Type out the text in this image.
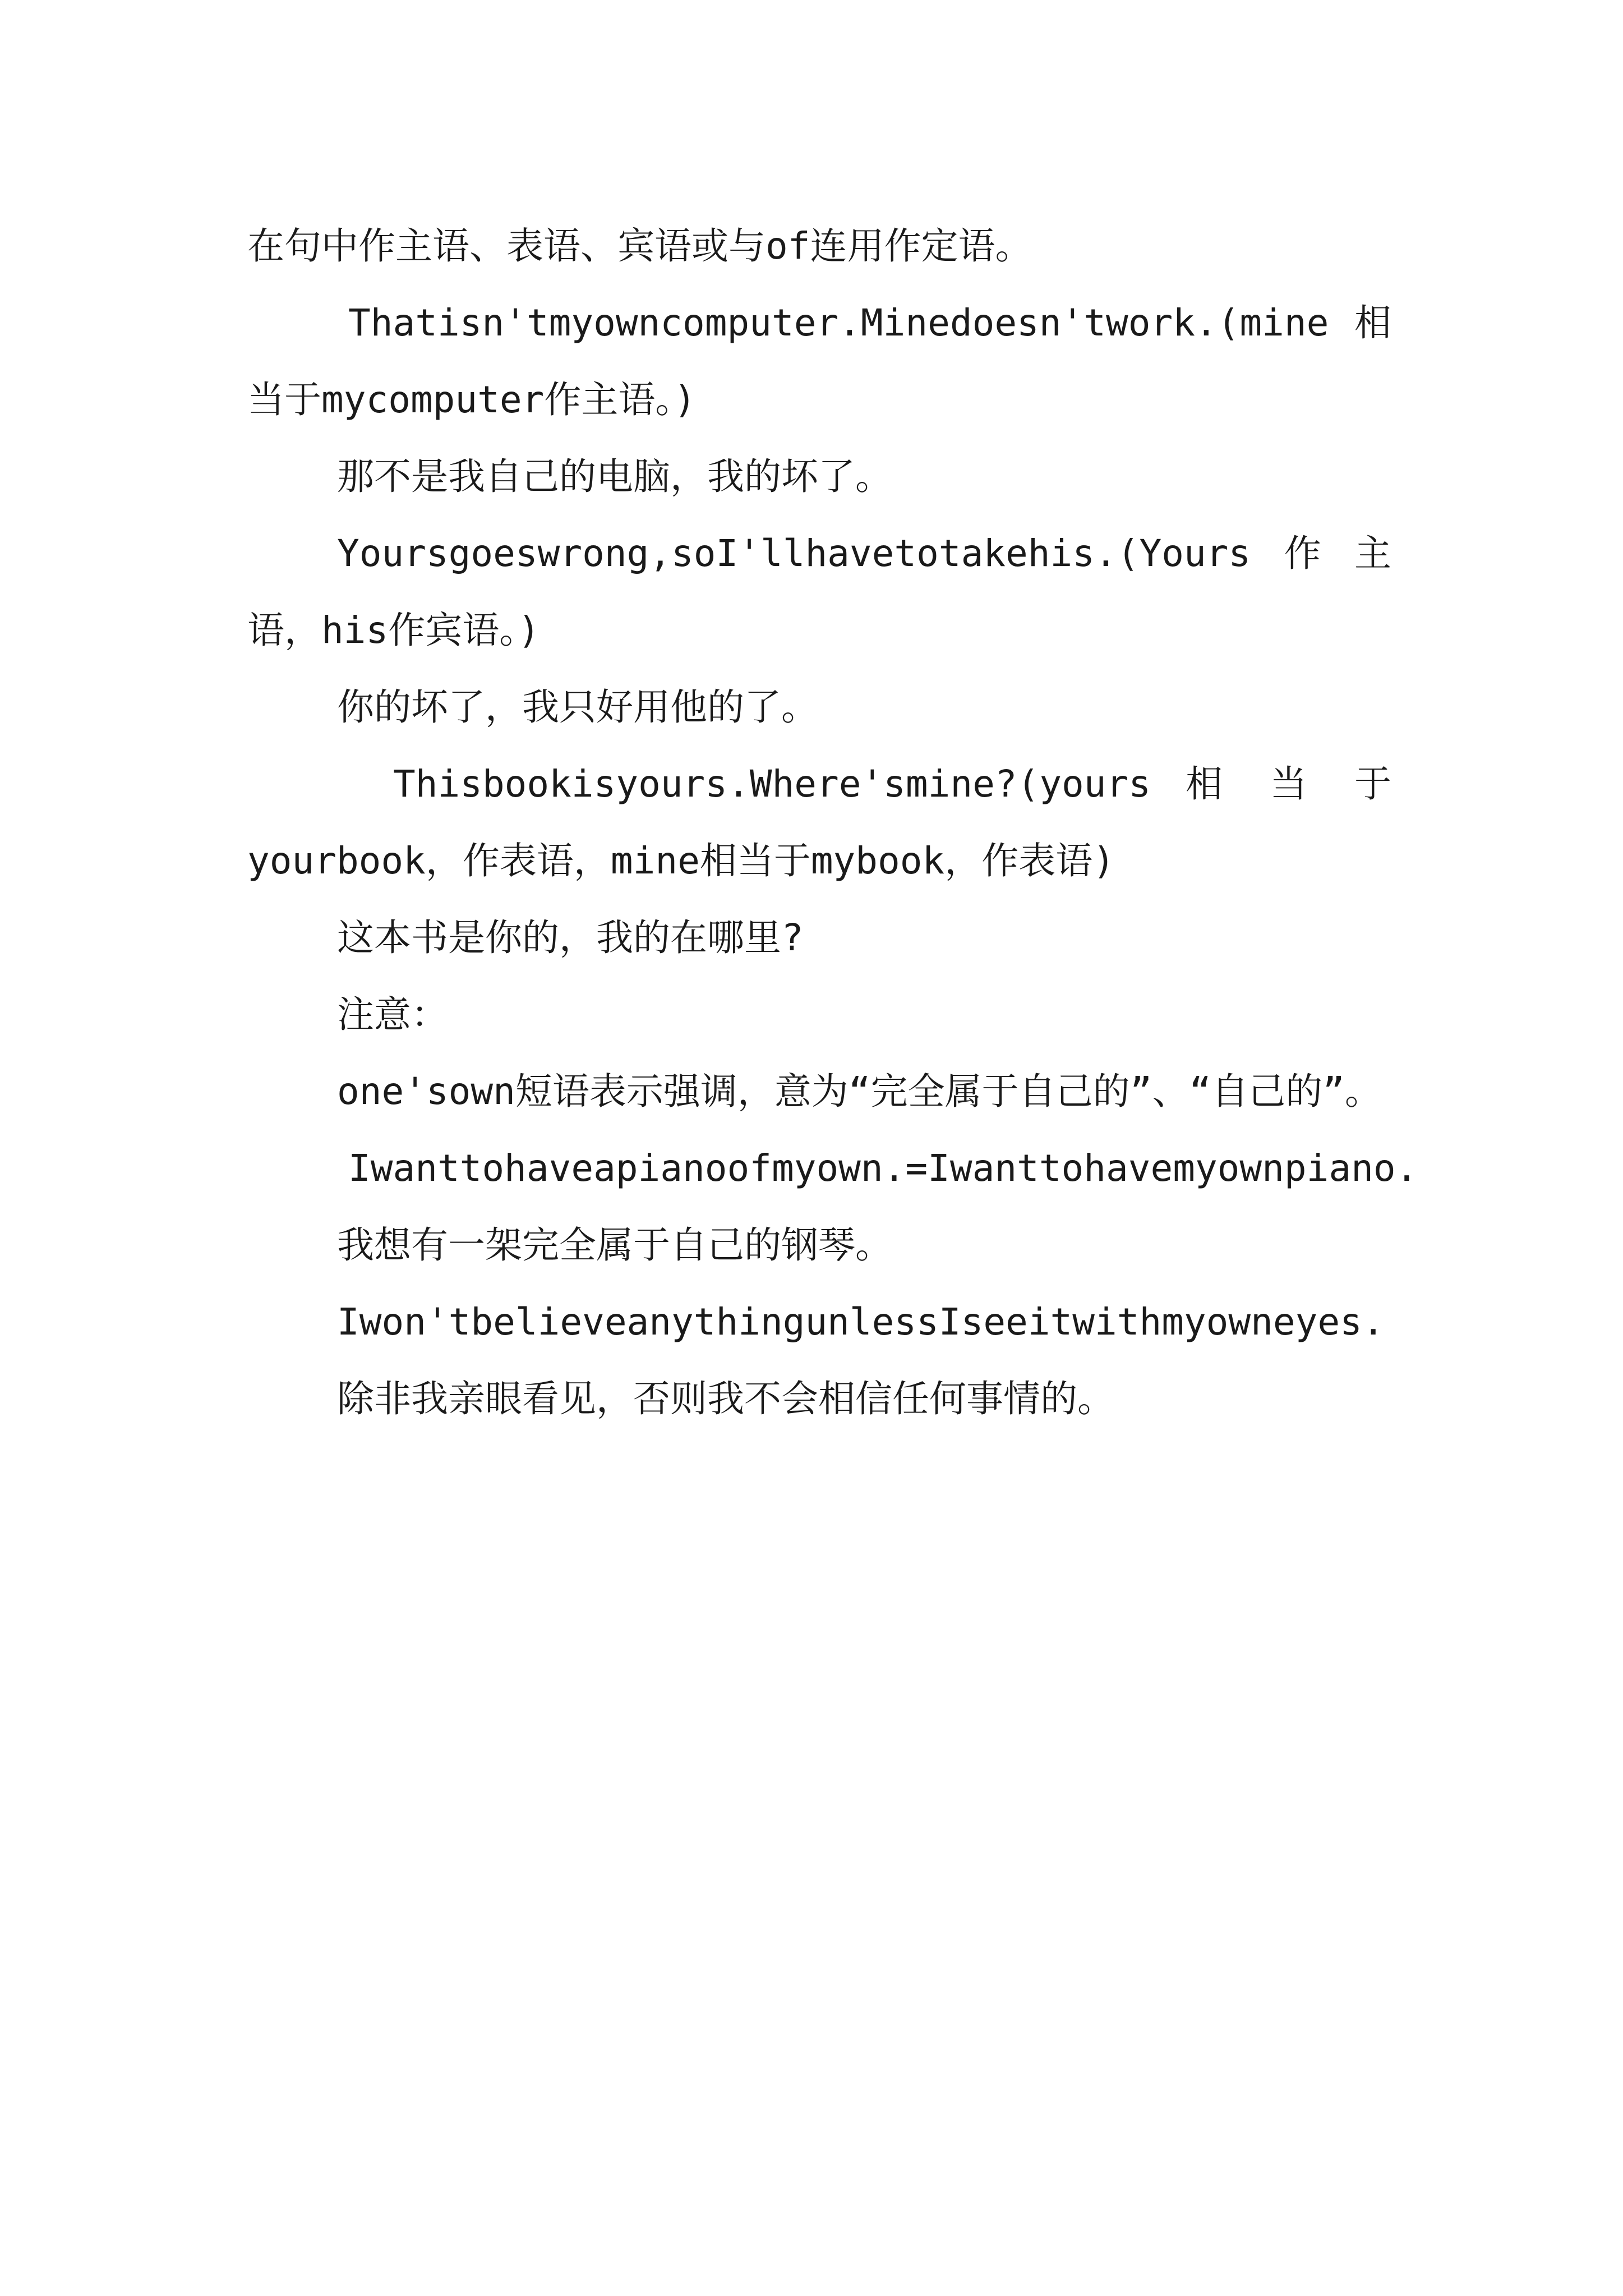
在句中作主语、表语、宾语或与of连用作定语。

Thatisn'tmyowncomputer.Minedoesn'twork.(mine 相当于mycomputer作主语。)

那不是我自己的电脑，我的坏了。

Yoursgoeswrong,soI'llhavetotakehis.(Yours作主语，his作宾语。)

你的坏了，我只好用他的了。

Thisbookisyours.Where'smine?(yours 相 当 于 yourbook，作表语，mine相当于mybook，作表语)

这本书是你的，我的在哪里?

注意：

one'sown短语表示强调，意为“完全属于自己的”、“自己的”。

Iwanttohaveapianoofmyown.=Iwanttohavemyownpiano.

我想有一架完全属于自己的钢琴。

Iwon'tbelieveanythingunlessIseeitwithmyowneyes.

除非我亲眼看见，否则我不会相信任何事情的。
